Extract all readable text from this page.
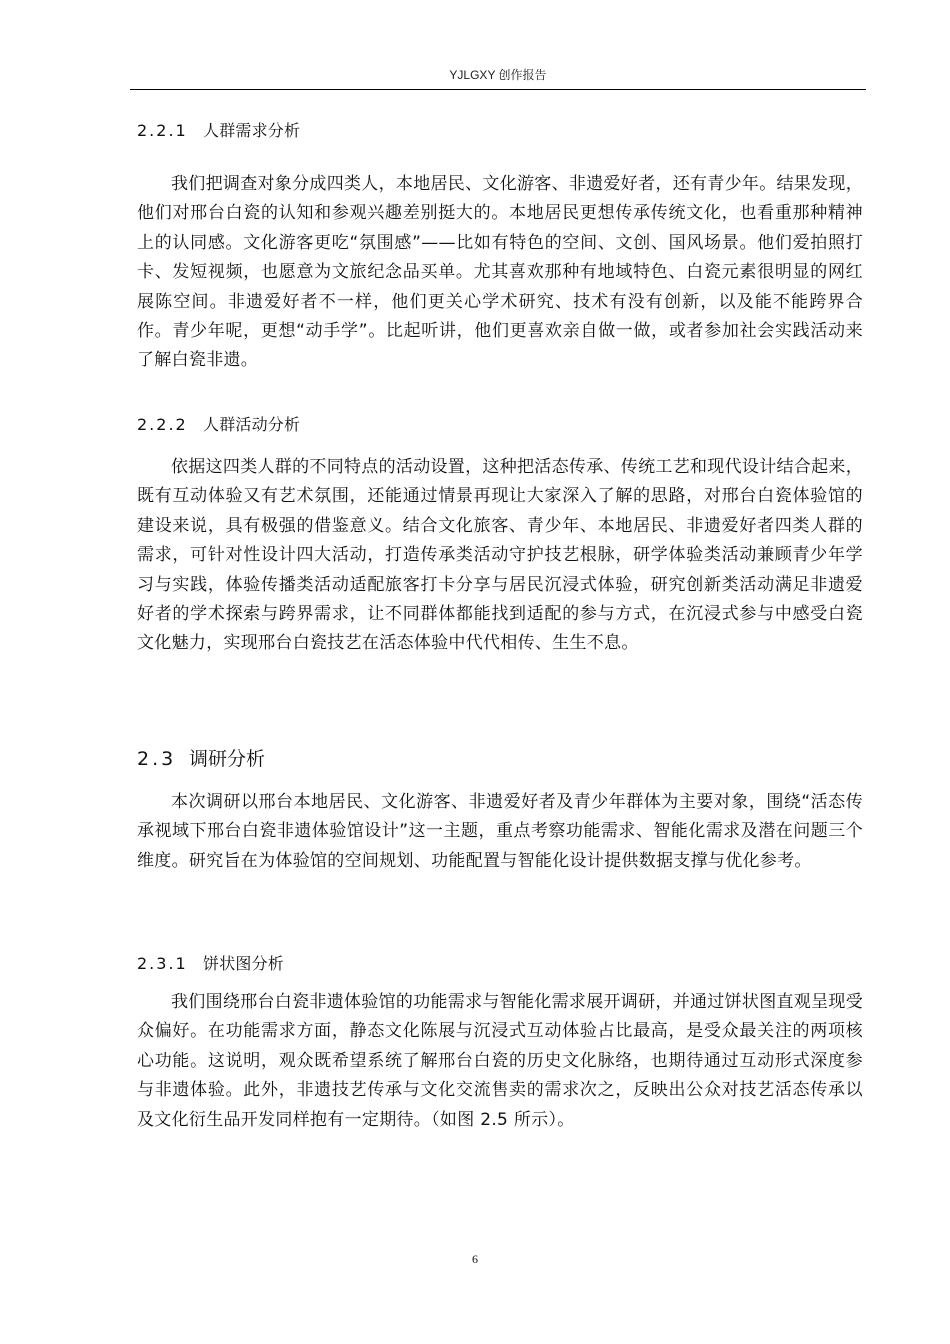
YJLGXY 创作报告
2.2.1 人群需求分析
我们把调查对象分成四类人，本地居民、文化游客、非遗爱好者，还有青少年。结果发现，他们对邢台白瓷的认知和参观兴趣差别挺大的。本地居民更想传承传统文化，也看重那种精神上的认同感。文化游客更吃“氛围感”——比如有特色的空间、文创、国风场景。他们爱拍照打卡、发短视频，也愿意为文旅纪念品买单。尤其喜欢那种有地域特色、白瓷元素很明显的网红展陈空间。非遗爱好者不一样，他们更关心学术研究、技术有没有创新，以及能不能跨界合作。青少年呢，更想“动手学”。比起听讲，他们更喜欢亲自做一做，或者参加社会实践活动来了解白瓷非遗。
2.2.2 人群活动分析
依据这四类人群的不同特点的活动设置，这种把活态传承、传统工艺和现代设计结合起来，既有互动体验又有艺术氛围，还能通过情景再现让大家深入了解的思路，对邢台白瓷体验馆的建设来说，具有极强的借鉴意义。结合文化旅客、青少年、本地居民、非遗爱好者四类人群的需求，可针对性设计四大活动，打造传承类活动守护技艺根脉，研学体验类活动兼顾青少年学习与实践，体验传播类活动适配旅客打卡分享与居民沉浸式体验，研究创新类活动满足非遗爱好者的学术探索与跨界需求，让不同群体都能找到适配的参与方式，在沉浸式参与中感受白瓷文化魅力，实现邢台白瓷技艺在活态体验中代代相传、生生不息。
2.3 调研分析
本次调研以邢台本地居民、文化游客、非遗爱好者及青少年群体为主要对象，围绕“活态传承视域下邢台白瓷非遗体验馆设计”这一主题，重点考察功能需求、智能化需求及潜在问题三个维度。研究旨在为体验馆的空间规划、功能配置与智能化设计提供数据支撑与优化参考。
2.3.1 饼状图分析
我们围绕邢台白瓷非遗体验馆的功能需求与智能化需求展开调研，并通过饼状图直观呈现受众偏好。在功能需求方面，静态文化陈展与沉浸式互动体验占比最高，是受众最关注的两项核心功能。这说明，观众既希望系统了解邢台白瓷的历史文化脉络，也期待通过互动形式深度参与非遗体验。此外，非遗技艺传承与文化交流售卖的需求次之，反映出公众对技艺活态传承以及文化衍生品开发同样抱有一定期待。（如图 2.5 所示）。
6
